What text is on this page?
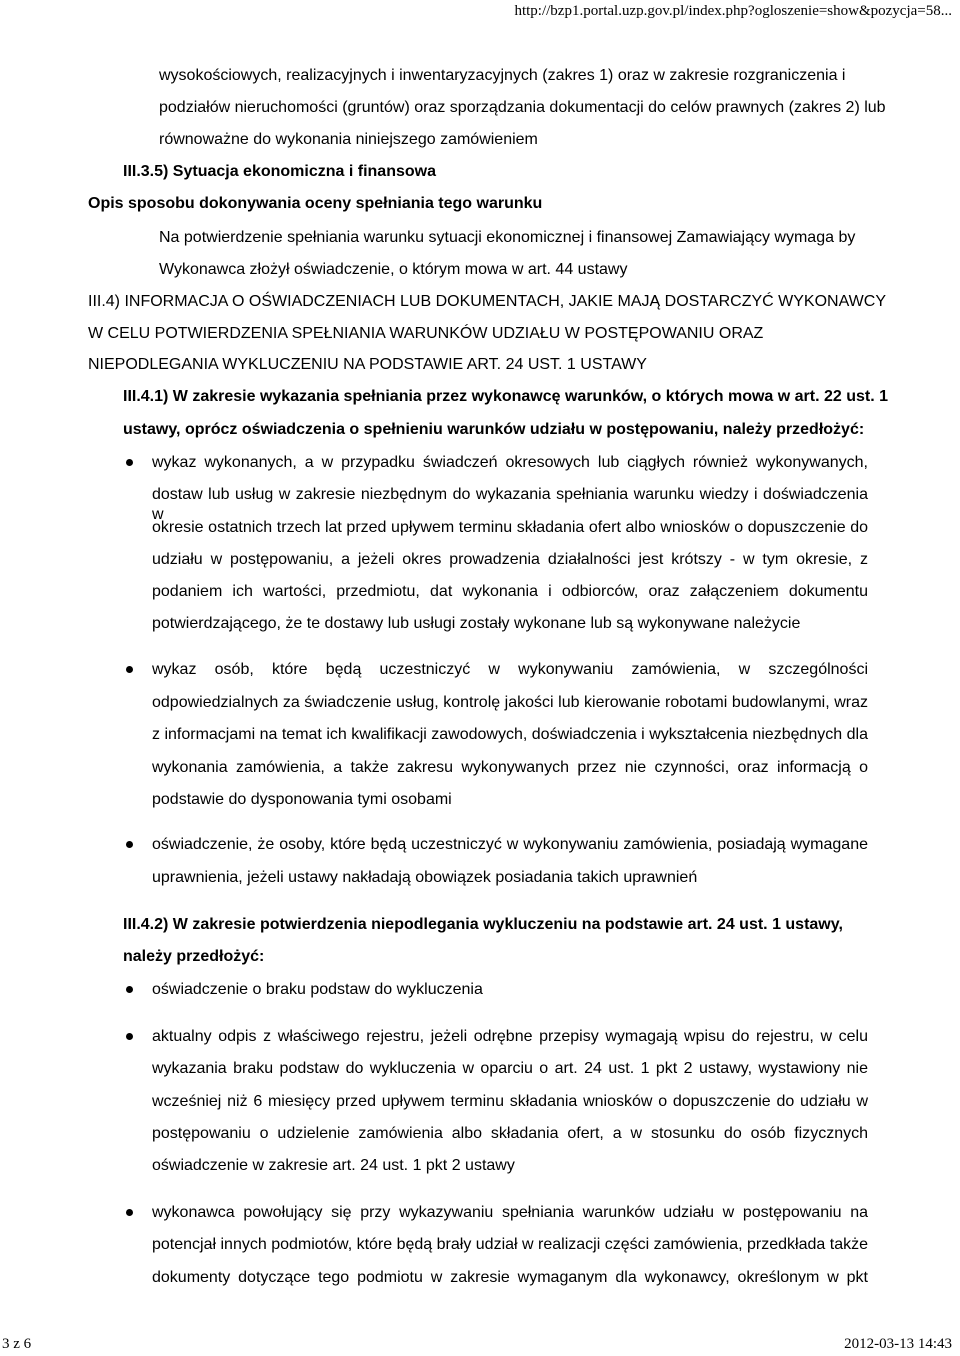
http://bzp1.portal.uzp.gov.pl/index.php?ogloszenie=show&pozycja=58...
wysokościowych, realizacyjnych i inwentaryzacyjnych (zakres 1) oraz w zakresie rozgraniczenia i
podziałów nieruchomości (gruntów) oraz sporządzania dokumentacji do celów prawnych (zakres 2) lub
równoważne do wykonania niniejszego zamówieniem
III.3.5) Sytuacja ekonomiczna i finansowa
Opis sposobu dokonywania oceny spełniania tego warunku
Na potwierdzenie spełniania warunku sytuacji ekonomicznej i finansowej Zamawiający wymaga by
Wykonawca złożył oświadczenie, o którym mowa w art. 44 ustawy
III.4) INFORMACJA O OŚWIADCZENIACH LUB DOKUMENTACH, JAKIE MAJĄ DOSTARCZYĆ WYKONAWCY
W CELU POTWIERDZENIA SPEŁNIANIA WARUNKÓW UDZIAŁU W POSTĘPOWANIU ORAZ
NIEPODLEGANIA WYKLUCZENIU NA PODSTAWIE ART. 24 UST. 1 USTAWY
III.4.1) W zakresie wykazania spełniania przez wykonawcę warunków, o których mowa w art. 22 ust. 1
ustawy, oprócz oświadczenia o spełnieniu warunków udziału w postępowaniu, należy przedłożyć:
wykaz wykonanych, a w przypadku świadczeń okresowych lub ciągłych również wykonywanych,
dostaw lub usług w zakresie niezbędnym do wykazania spełniania warunku wiedzy i doświadczenia w
okresie ostatnich trzech lat przed upływem terminu składania ofert albo wniosków o dopuszczenie do
udziału w postępowaniu, a jeżeli okres prowadzenia działalności jest krótszy - w tym okresie, z
podaniem ich wartości, przedmiotu, dat wykonania i odbiorców, oraz załączeniem dokumentu
potwierdzającego, że te dostawy lub usługi zostały wykonane lub są wykonywane należycie
wykaz osób, które będą uczestniczyć w wykonywaniu zamówienia, w szczególności
odpowiedzialnych za świadczenie usług, kontrolę jakości lub kierowanie robotami budowlanymi, wraz
z informacjami na temat ich kwalifikacji zawodowych, doświadczenia i wykształcenia niezbędnych dla
wykonania zamówienia, a także zakresu wykonywanych przez nie czynności, oraz informacją o
podstawie do dysponowania tymi osobami
oświadczenie, że osoby, które będą uczestniczyć w wykonywaniu zamówienia, posiadają wymagane
uprawnienia, jeżeli ustawy nakładają obowiązek posiadania takich uprawnień
III.4.2) W zakresie potwierdzenia niepodlegania wykluczeniu na podstawie art. 24 ust. 1 ustawy,
należy przedłożyć:
oświadczenie o braku podstaw do wykluczenia
aktualny odpis z właściwego rejestru, jeżeli odrębne przepisy wymagają wpisu do rejestru, w celu
wykazania braku podstaw do wykluczenia w oparciu o art. 24 ust. 1 pkt 2 ustawy, wystawiony nie
wcześniej niż 6 miesięcy przed upływem terminu składania wniosków o dopuszczenie do udziału w
postępowaniu o udzielenie zamówienia albo składania ofert, a w stosunku do osób fizycznych
oświadczenie w zakresie art. 24 ust. 1 pkt 2 ustawy
wykonawca powołujący się przy wykazywaniu spełniania warunków udziału w postępowaniu na
potencjał innych podmiotów, które będą brały udział w realizacji części zamówienia, przedkłada także
dokumenty dotyczące tego podmiotu w zakresie wymaganym dla wykonawcy, określonym w pkt
3 z 6	2012-03-13 14:43
